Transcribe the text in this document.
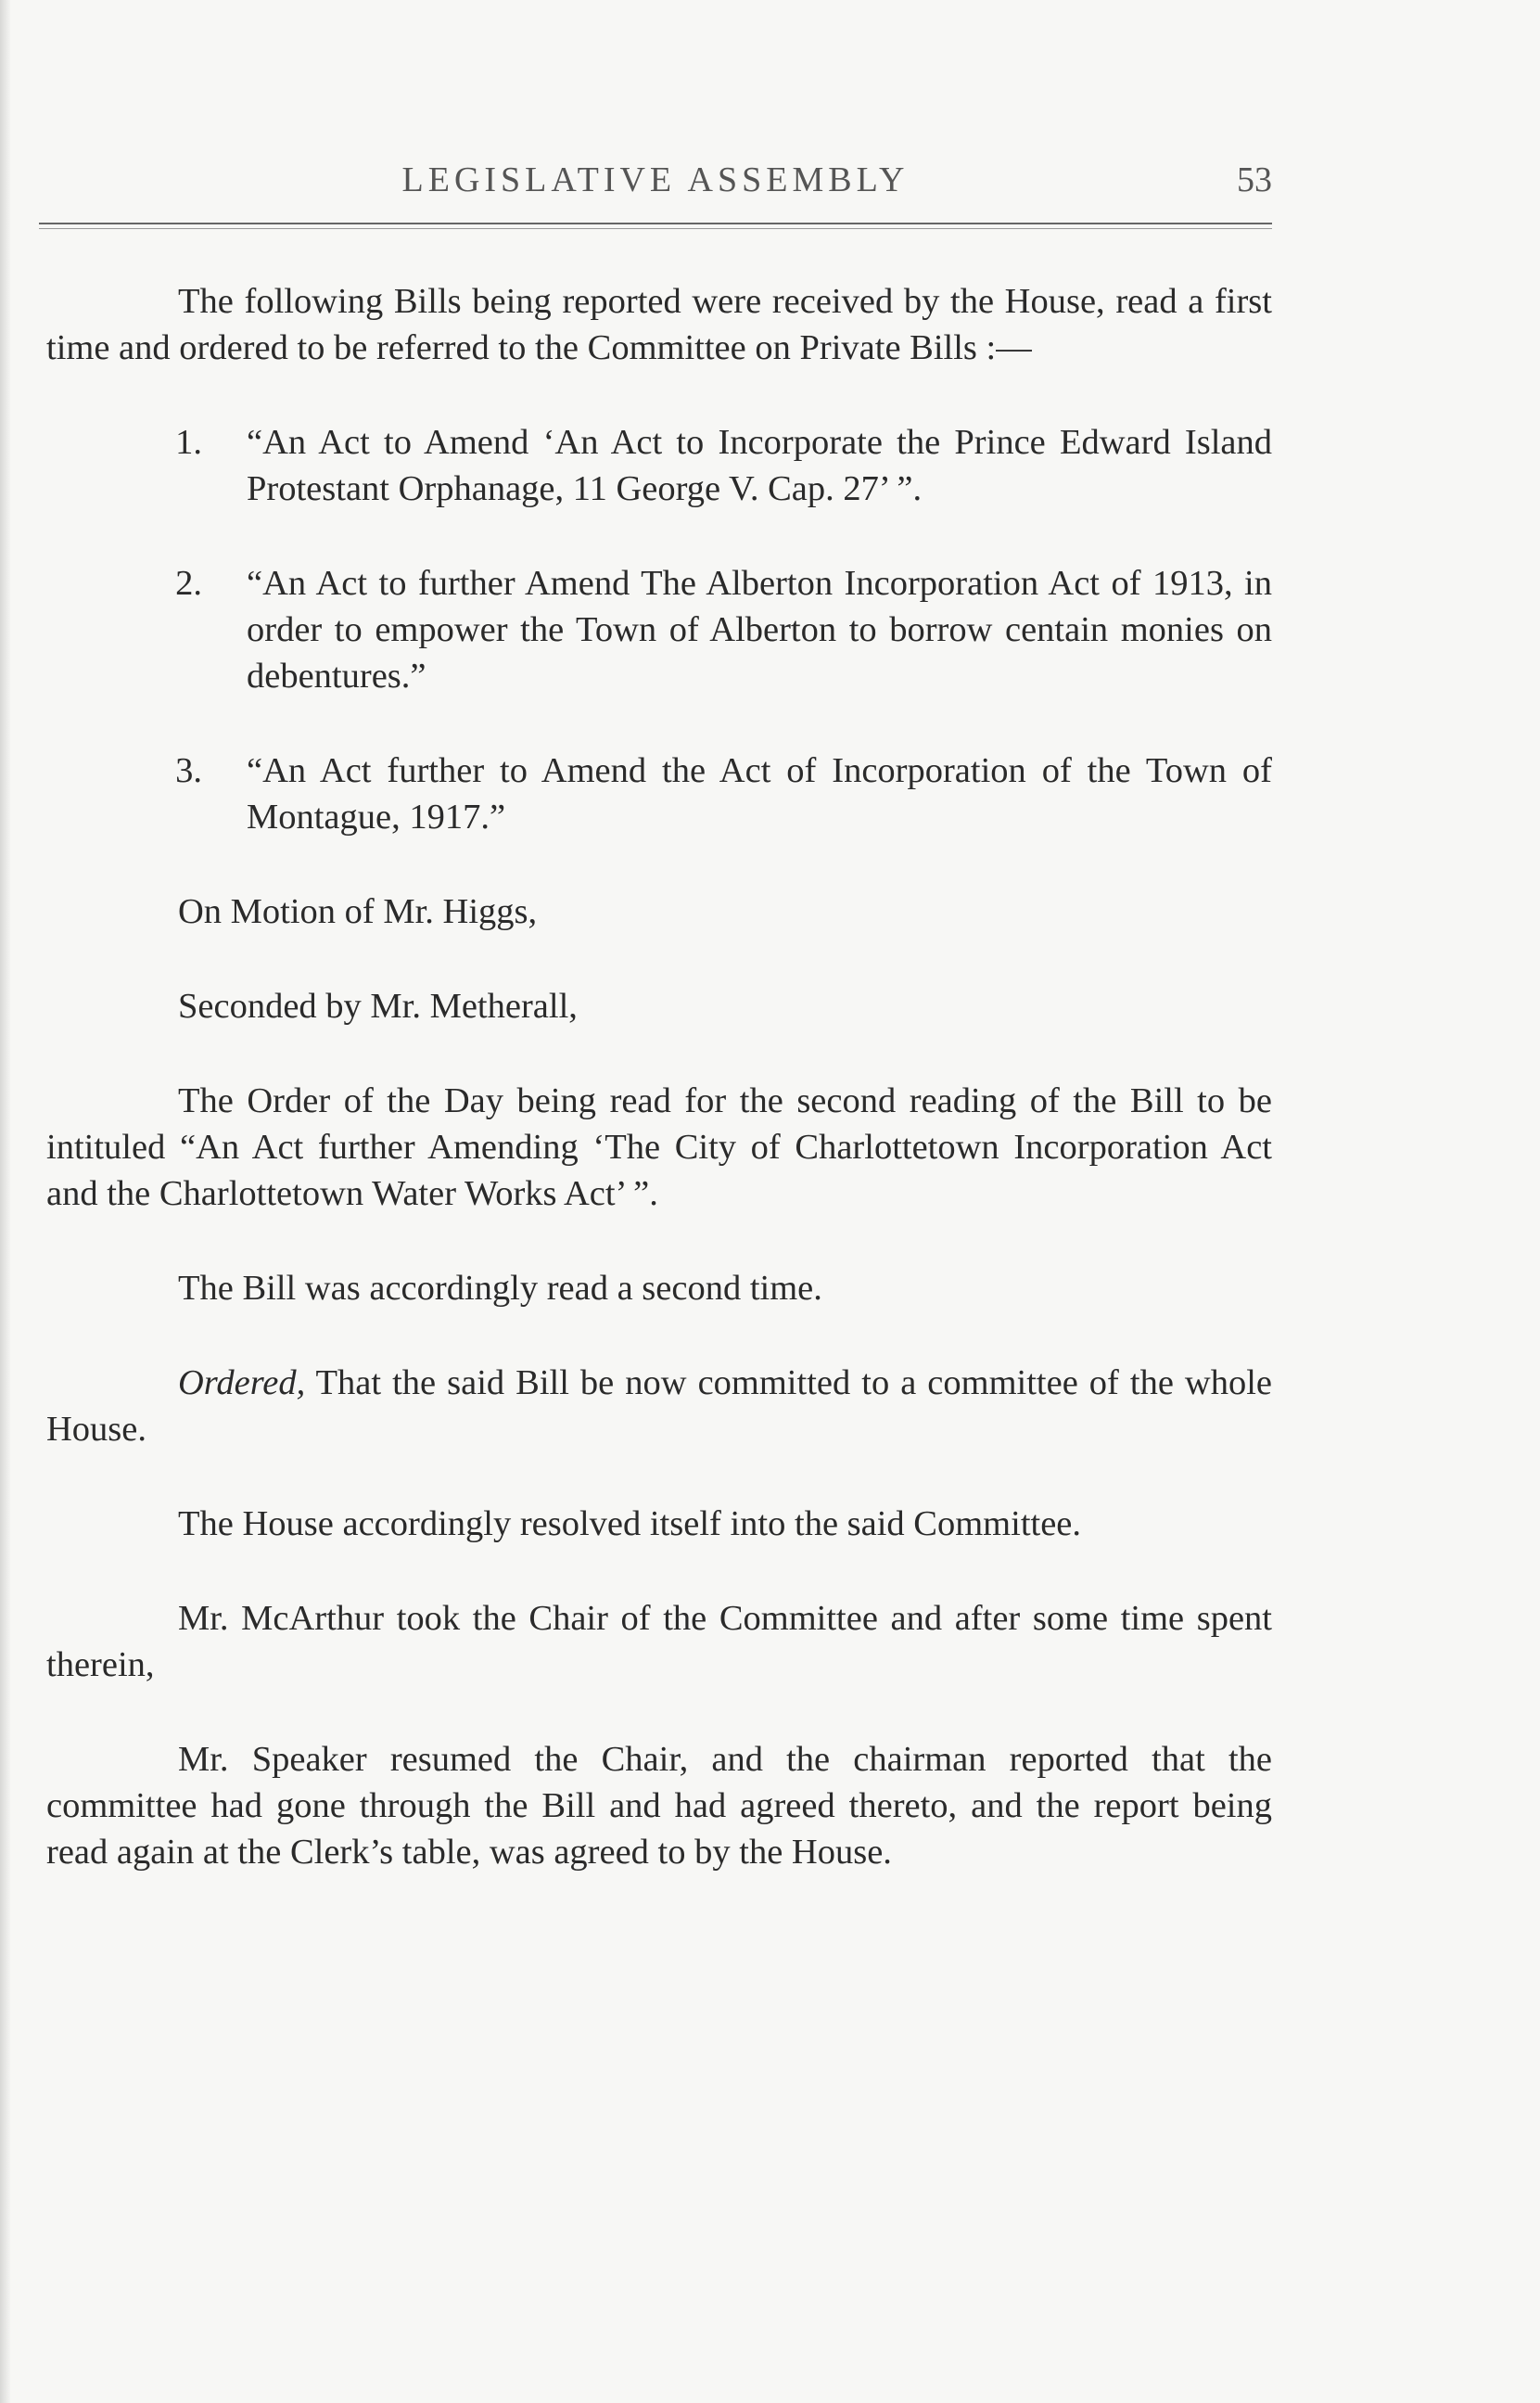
LEGISLATIVE ASSEMBLY	53

The following Bills being reported were received by the House, read a first time and ordered to be referred to the Committee on Private Bills :—

1.	“An Act to Amend ‘An Act to Incorporate the Prince Edward Island Protestant Orphanage, 11 George V. Cap. 27’ ”.
2.	“An Act to further Amend The Alberton Incorporation Act of 1913, in order to empower the Town of Alberton to borrow centain monies on debentures.”
3.	“An Act further to Amend the Act of Incorporation of the Town of Montague, 1917.”

On Motion of Mr. Higgs,

Seconded by Mr. Metherall,

The Order of the Day being read for the second reading of the Bill to be intituled “An Act further Amending ‘The City of Charlottetown Incorporation Act and the Charlottetown Water Works Act’ ”.

The Bill was accordingly read a second time.

Ordered, That the said Bill be now committed to a committee of the whole House.

The House accordingly resolved itself into the said Committee.

Mr. McArthur took the Chair of the Committee and after some time spent therein,

Mr. Speaker resumed the Chair, and the chairman reported that the committee had gone through the Bill and had agreed thereto, and the report being read again at the Clerk’s table, was agreed to by the House.
